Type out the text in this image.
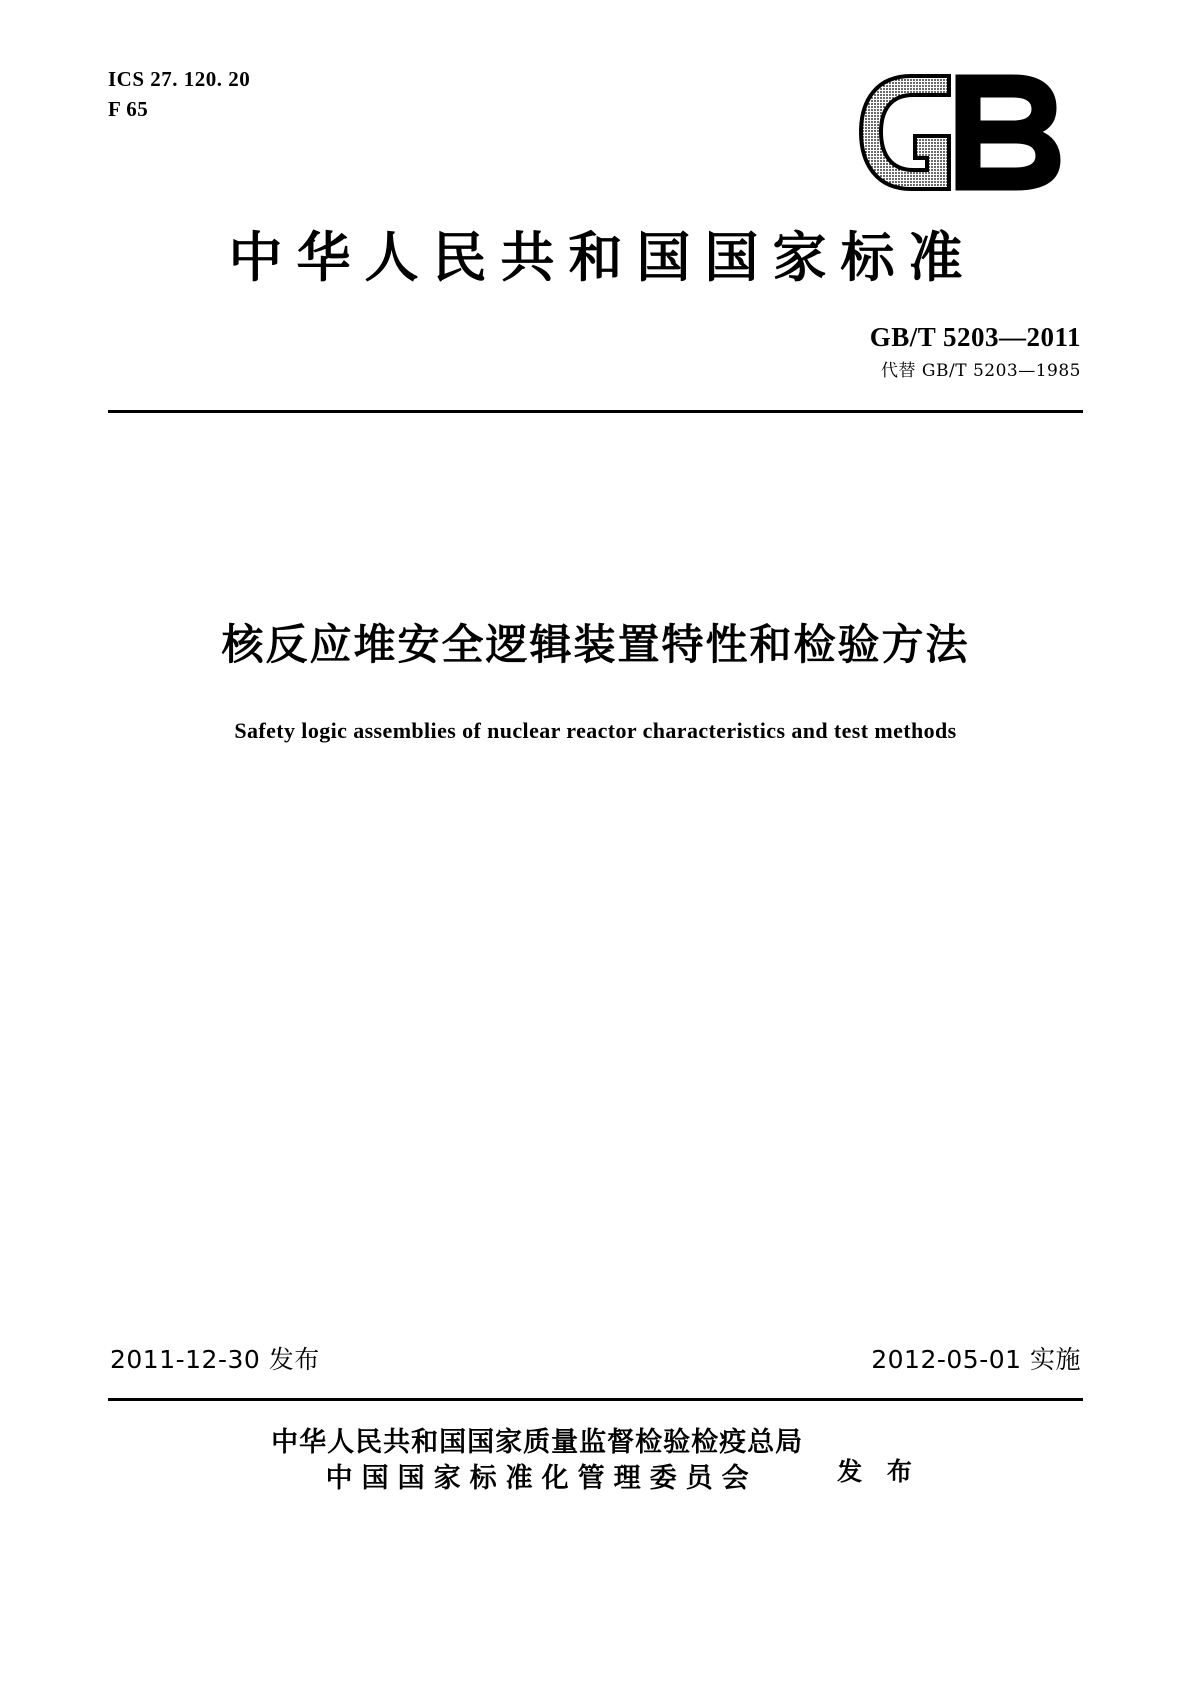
ICS 27. 120. 20
F 65
中华人民共和国国家标准
GB/T 5203—2011
代替 GB/T 5203—1985
核反应堆安全逻辑装置特性和检验方法
Safety logic assemblies of nuclear reactor characteristics and test methods
2011-12-30 发布	2012-05-01 实施
中华人民共和国国家质量监督检验检疫总局
中国国家标准化管理委员会	发 布
